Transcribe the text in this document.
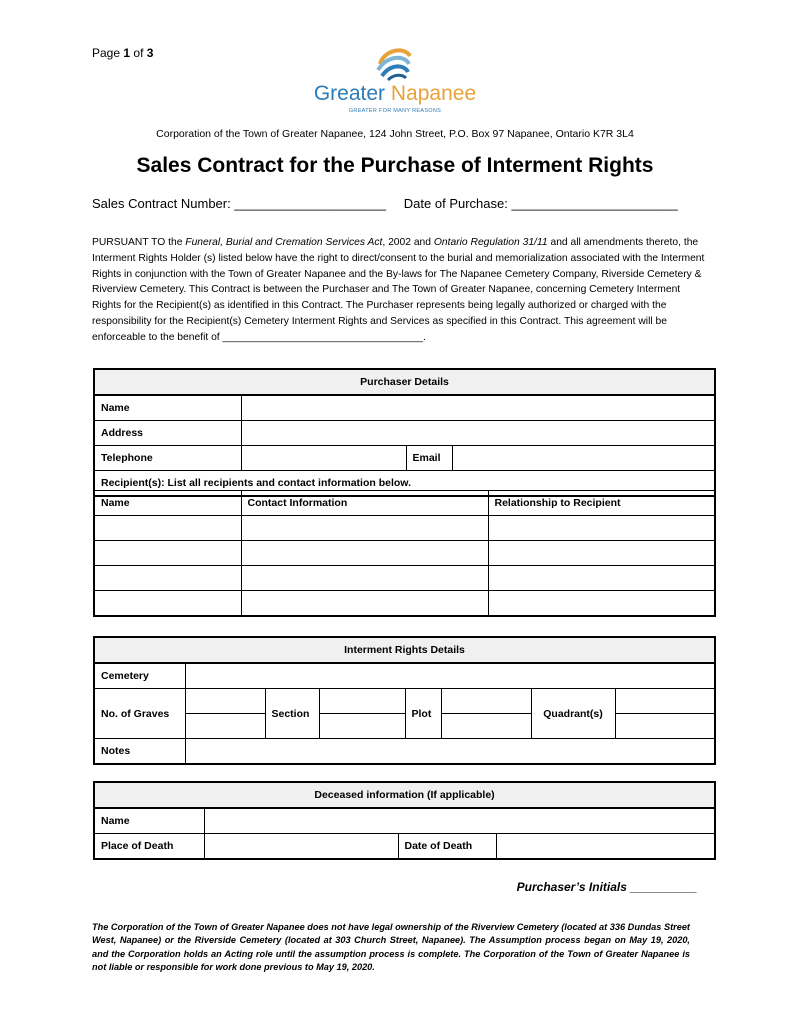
Page 1 of 3
Greater Napanee
GREATER FOR MANY REASONS
Corporation of the Town of Greater Napanee, 124 John Street, P.O. Box 97 Napanee, Ontario K7R 3L4
Sales Contract for the Purchase of Interment Rights
Sales Contract Number: _____________________ Date of Purchase: _______________________
PURSUANT TO the Funeral, Burial and Cremation Services Act, 2002 and Ontario Regulation 31/11 and all amendments thereto, the Interment Rights Holder (s) listed below have the right to direct/consent to the burial and memorialization associated with the Interment Rights in conjunction with the Town of Greater Napanee and the By-laws for The Napanee Cemetery Company, Riverside Cemetery & Riverview Cemetery. This Contract is between the Purchaser and The Town of Greater Napanee, concerning Cemetery Interment Rights for the Recipient(s) as identified in this Contract. The Purchaser represents being legally authorized or charged with the responsibility for the Recipient(s) Cemetery Interment Rights and Services as specified in this Contract. This agreement will be enforceable to the benefit of ___________________________________.
Purchaser Details			
Name			
Address			
Telephone		Email	
Recipient(s): List all recipients and contact information below.			
Name	Contact Information	Relationship to Recipient

Interment Rights Details							
Cemetery							
No. of Graves		Section		Plot		Quadrant(s)	

Notes							
Deceased information (If applicable)			
Name			
Place of Death		Date of Death	
Purchaser’s Initials __________
The Corporation of the Town of Greater Napanee does not have legal ownership of the Riverview Cemetery (located at 336 Dundas Street West, Napanee) or the Riverside Cemetery (located at 303 Church Street, Napanee). The Assumption process began on May 19, 2020, and the Corporation holds an Acting role until the assumption process is complete. The Corporation of the Town of Greater Napanee is not liable or responsible for work done previous to May 19, 2020.
